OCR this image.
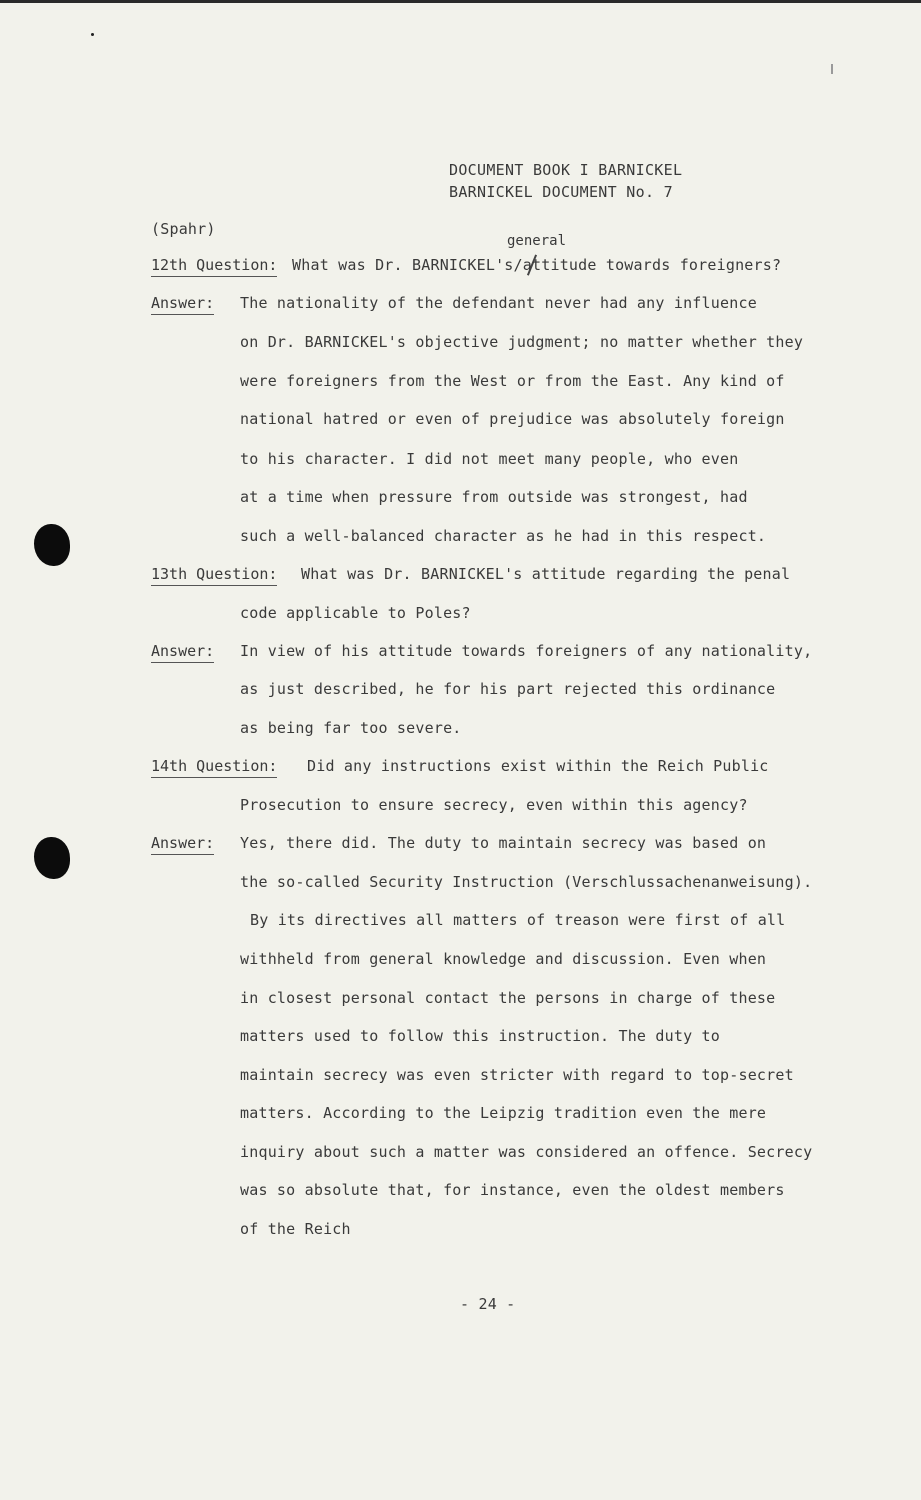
DOCUMENT BOOK I BARNICKEL
BARNICKEL DOCUMENT No. 7
(Spahr)
general
12th Question: What was Dr. BARNICKEL's/attitude towards foreigners?
Answer: The nationality of the defendant never had any influence
on Dr. BARNICKEL's objective judgment; no matter whether they
were foreigners from the West or from the East. Any kind of
national hatred or even of prejudice was absolutely foreign
to his character. I did not meet many people, who even
at a time when pressure from outside was strongest, had
such a well-balanced character as he had in this respect.
13th Question: What was Dr. BARNICKEL's attitude regarding the penal
code applicable to Poles?
Answer: In view of his attitude towards foreigners of any nationality,
as just described, he for his part rejected this ordinance
as being far too severe.
14th Question: Did any instructions exist within the Reich Public
Prosecution to ensure secrecy, even within this agency?
Answer: Yes, there did. The duty to maintain secrecy was based on
the so-called Security Instruction (Verschlussachenanweisung).
By its directives all matters of treason were first of all
withheld from general knowledge and discussion. Even when
in closest personal contact the persons in charge of these
matters used to follow this instruction. The duty to
maintain secrecy was even stricter with regard to top-secret
matters. According to the Leipzig tradition even the mere
inquiry about such a matter was considered an offence. Secrecy
was so absolute that, for instance, even the oldest members
of the Reich
- 24 -
